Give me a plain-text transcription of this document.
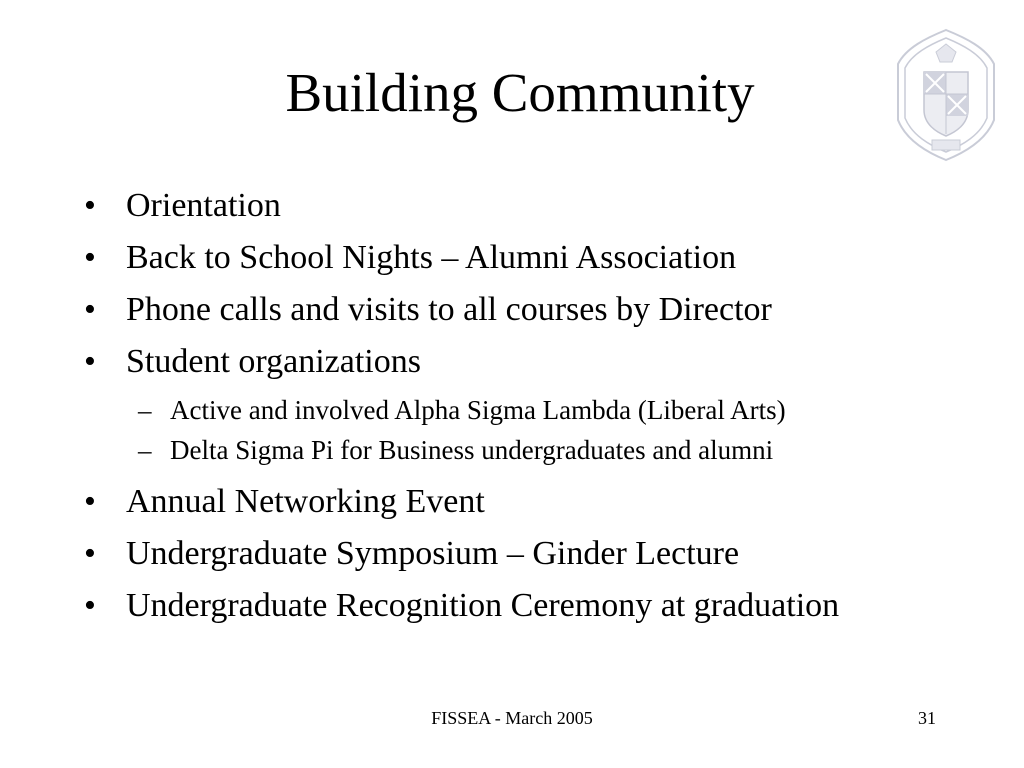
Building Community
• Orientation
• Back to School Nights – Alumni Association
• Phone calls and visits to all courses by Director
• Student organizations
– Active and involved Alpha Sigma Lambda (Liberal Arts)
– Delta Sigma Pi for Business undergraduates and alumni
• Annual Networking Event
• Undergraduate Symposium – Ginder Lecture
• Undergraduate Recognition Ceremony at graduation
FISSEA - March 2005	31
